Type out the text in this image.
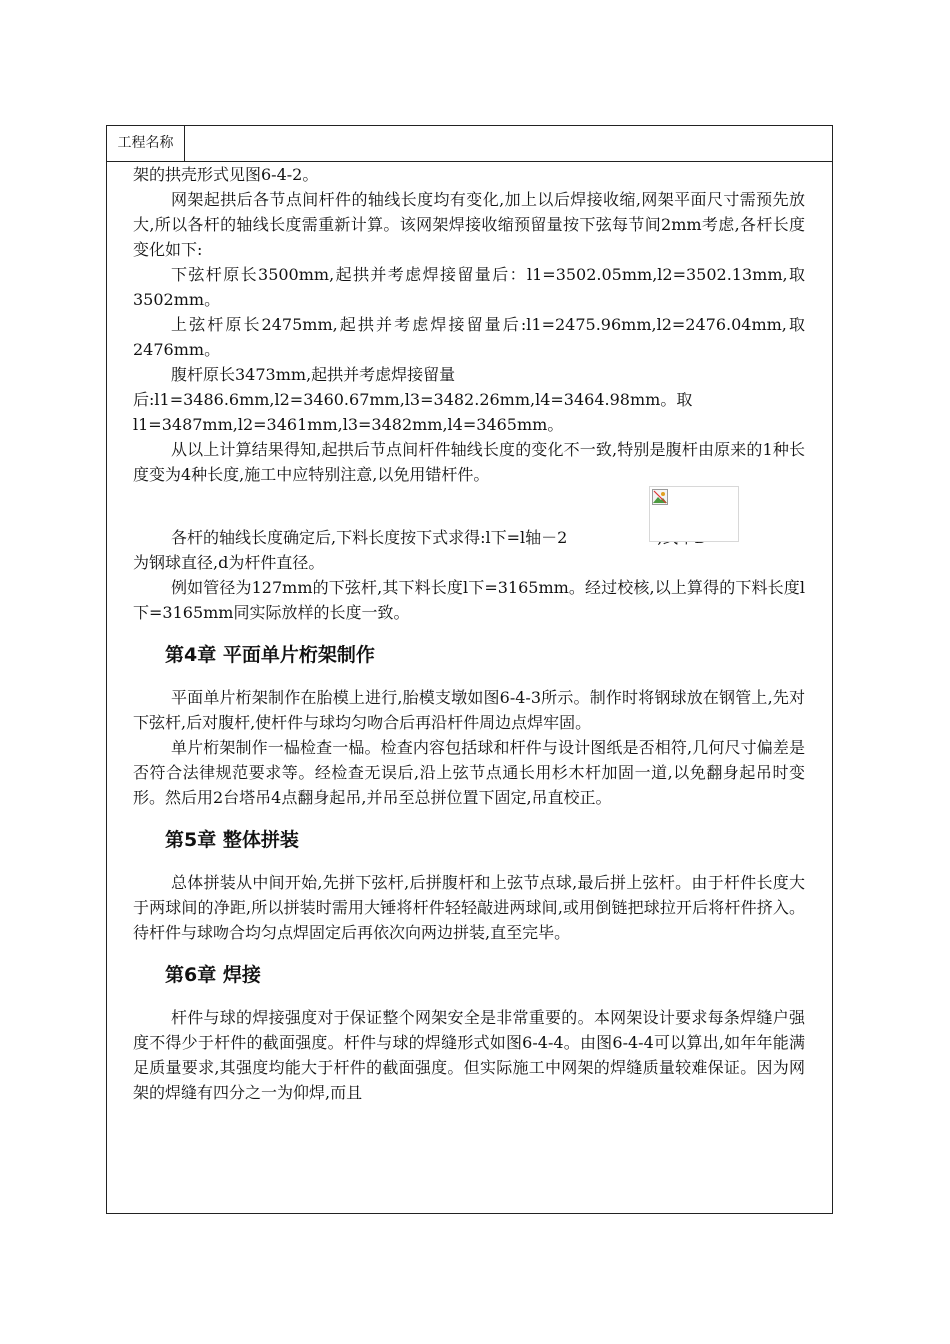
工程名称

架的拱壳形式见图6-4-2。

网架起拱后各节点间杆件的轴线长度均有变化,加上以后焊接收缩,网架平面尺寸需预先放大,所以各杆的轴线长度需重新计算。该网架焊接收缩预留量按下弦每节间2mm考虑,各杆长度变化如下:

下弦杆原长3500mm,起拱并考虑焊接留量后：l1=3502.05mm,l2=3502.13mm,取3502mm。

上弦杆原长2475mm,起拱并考虑焊接留量后:l1=2475.96mm,l2=2476.04mm,取2476mm。

腹杆原长3473mm,起拱并考虑焊接留量

后:l1=3486.6mm,l2=3460.67mm,l3=3482.26mm,l4=3464.98mm。取

l1=3487mm,l2=3461mm,l3=3482mm,l4=3465mm。

从以上计算结果得知,起拱后节点间杆件轴线长度的变化不一致,特别是腹杆由原来的1种长度变为4种长度,施工中应特别注意,以免用错杆件。

各杆的轴线长度确定后,下料长度按下式求得:l下=l轴－2

为钢球直径,d为杆件直径。

例如管径为127mm的下弦杆,其下料长度l下=3165mm。经过校核,以上算得的下料长度l下=3165mm同实际放样的长度一致。

第4章 平面单片桁架制作

平面单片桁架制作在胎模上进行,胎模支墩如图6-4-3所示。制作时将钢球放在钢管上,先对下弦杆,后对腹杆,使杆件与球均匀吻合后再沿杆件周边点焊牢固。

单片桁架制作一榀检查一榀。检查内容包括球和杆件与设计图纸是否相符,几何尺寸偏差是否符合法律规范要求等。经检查无误后,沿上弦节点通长用杉木杆加固一道,以免翻身起吊时变形。然后用2台塔吊4点翻身起吊,并吊至总拼位置下固定,吊直校正。

第5章 整体拼装

总体拼装从中间开始,先拼下弦杆,后拼腹杆和上弦节点球,最后拼上弦杆。由于杆件长度大于两球间的净距,所以拼装时需用大锤将杆件轻轻敲进两球间,或用倒链把球拉开后将杆件挤入。待杆件与球吻合均匀点焊固定后再依次向两边拼装,直至完毕。

第6章 焊接

杆件与球的焊接强度对于保证整个网架安全是非常重要的。本网架设计要求每条焊缝户强度不得少于杆件的截面强度。杆件与球的焊缝形式如图6-4-4。由图6-4-4可以算出,如年年能满足质量要求,其强度均能大于杆件的截面强度。但实际施工中网架的焊缝质量较难保证。因为网架的焊缝有四分之一为仰焊,而且
